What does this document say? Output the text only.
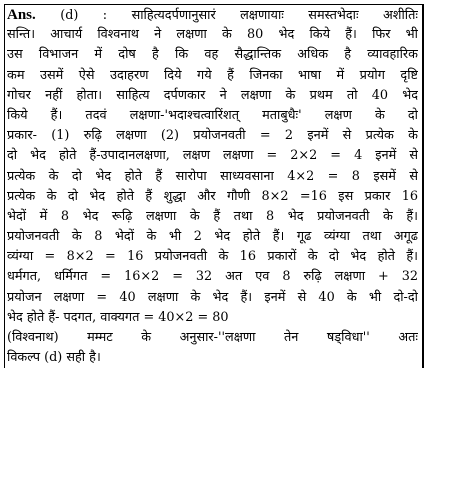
Ans. (d) : साहित्यदर्पणानुसारं लक्षणायाः समस्तभेदाः अशीतिः
सन्ति। आचार्य विश्वनाथ ने लक्षणा के 80 भेद किये हैं। फिर भी
उस विभाजन में दोष है कि वह सैद्धान्तिक अधिक है व्यावहारिक
कम उसमें ऐसे उदाहरण दिये गये हैं जिनका भाषा में प्रयोग दृष्टि
गोचर नहीं होता। साहित्य दर्पणकार ने लक्षणा के प्रथम तो 40 भेद
किये हैं। तदवं लक्षणा-'भदाश्चत्वारिंशत् मताबुधैः' लक्षण के दो
प्रकार- (1) रुढ़ि लक्षणा (2) प्रयोजनवती = 2 इनमें से प्रत्येक के
दो भेद होते हैं-उपादानलक्षणा, लक्षण लक्षणा = 2×2 = 4 इनमें से
प्रत्येक के दो भेद होते हैं सारोपा साध्यवसाना 4×2 = 8 इसमें से
प्रत्येक के दो भेद होते हैं शुद्धा और गौणी 8×2 =16 इस प्रकार 16
भेदों में 8 भेद रूढ़ि लक्षणा के हैं तथा 8 भेद प्रयोजनवती के हैं।
प्रयोजनवती के 8 भेदों के भी 2 भेद होते हैं। गूढ व्यंग्या तथा अगूढ
व्यंग्या = 8×2 = 16 प्रयोजनवती के 16 प्रकारों के दो भेद होते हैं।
धर्मगत, धर्मिगत = 16×2 = 32 अत एव 8 रुढ़ि लक्षणा + 32
प्रयोजन लक्षणा = 40 लक्षणा के भेद हैं। इनमें से 40 के भी दो-दो
भेद होते हैं- पदगत, वाक्यगत = 40×2 = 80
(विश्वनाथ) मम्मट के अनुसार-''लक्षणा तेन षड्विधा'' अतः
विकल्प (d) सही है।
